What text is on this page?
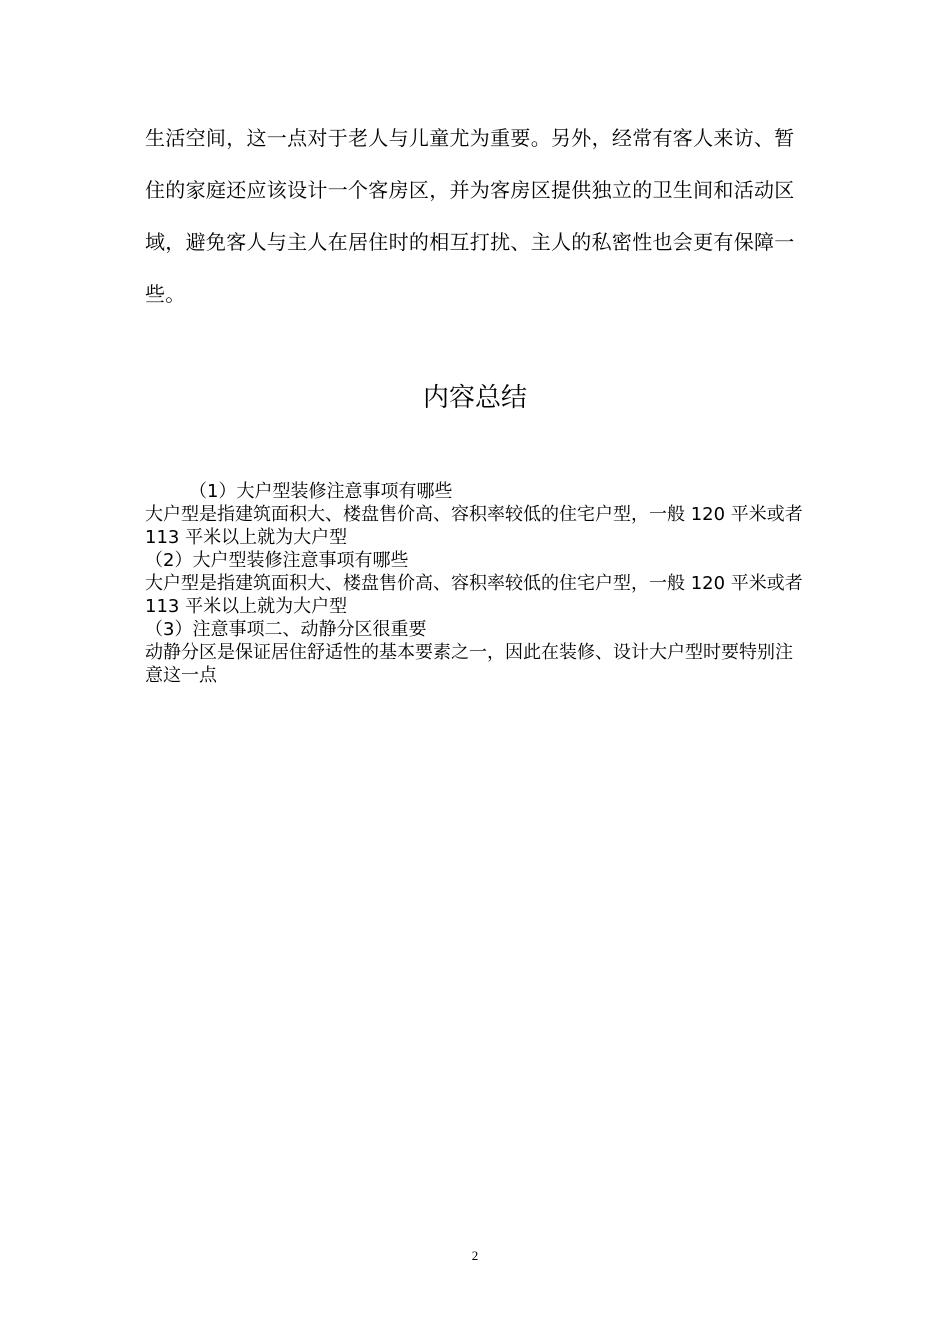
生活空间，这一点对于老人与儿童尤为重要。另外，经常有客人来访、暂住的家庭还应该设计一个客房区，并为客房区提供独立的卫生间和活动区域，避免客人与主人在居住时的相互打扰、主人的私密性也会更有保障一些。

内容总结
（1）大户型装修注意事项有哪些
大户型是指建筑面积大、楼盘售价高、容积率较低的住宅户型，一般 120 平米或者 113 平米以上就为大户型
（2）大户型装修注意事项有哪些
大户型是指建筑面积大、楼盘售价高、容积率较低的住宅户型，一般 120 平米或者 113 平米以上就为大户型
（3）注意事项二、动静分区很重要
动静分区是保证居住舒适性的基本要素之一，因此在装修、设计大户型时要特别注意这一点
2
